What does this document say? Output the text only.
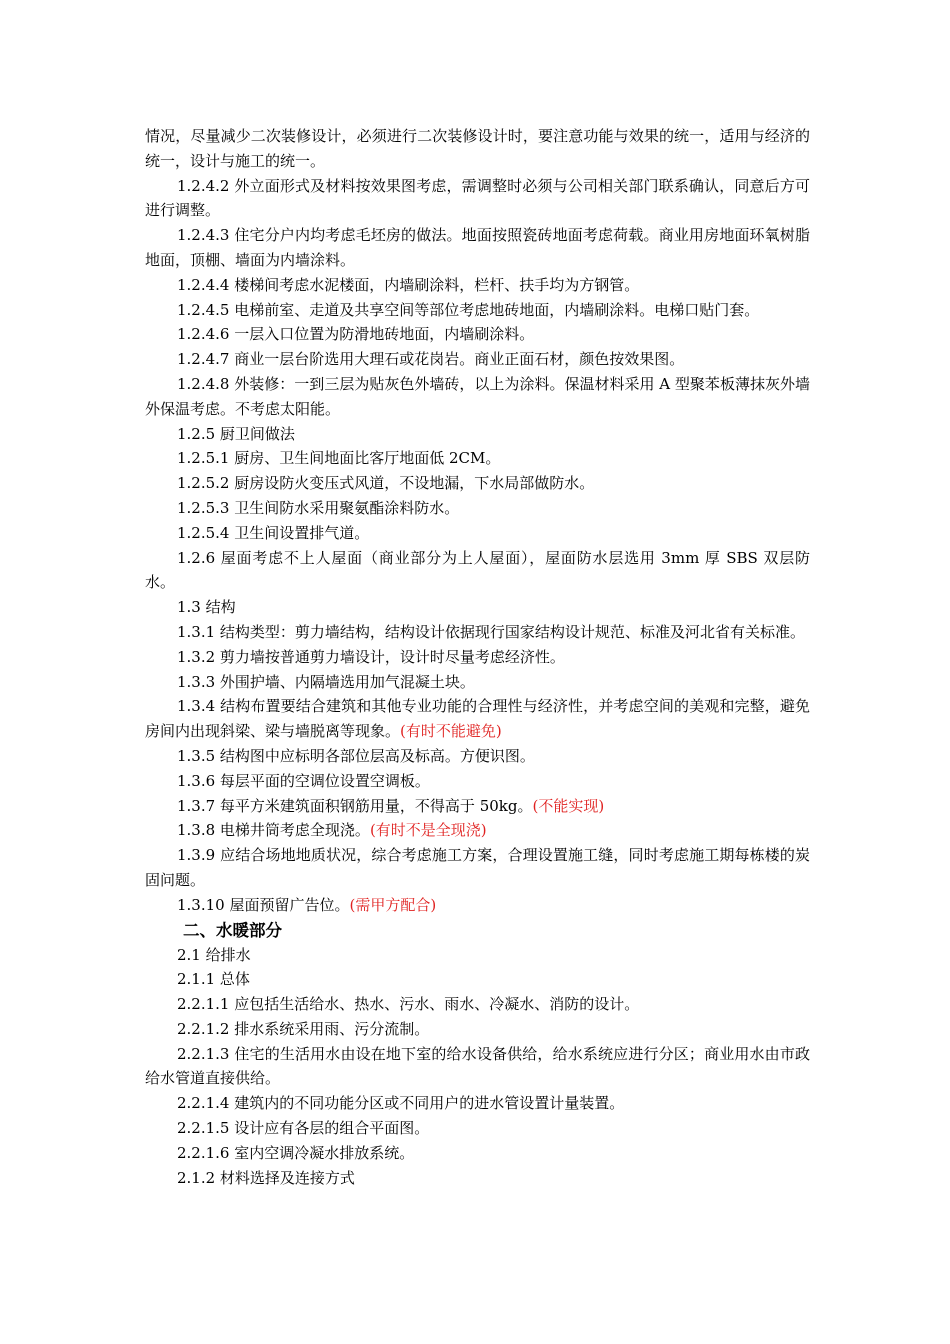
情况，尽量减少二次装修设计，必须进行二次装修设计时，要注意功能与效果的统一，适用与经济的统一，设计与施工的统一。

1.2.4.2 外立面形式及材料按效果图考虑，需调整时必须与公司相关部门联系确认，同意后方可进行调整。

1.2.4.3 住宅分户内均考虑毛坯房的做法。地面按照瓷砖地面考虑荷载。商业用房地面环氧树脂地面，顶棚、墙面为内墙涂料。

1.2.4.4 楼梯间考虑水泥楼面，内墙刷涂料，栏杆、扶手均为方钢管。

1.2.4.5 电梯前室、走道及共享空间等部位考虑地砖地面，内墙刷涂料。电梯口贴门套。

1.2.4.6 一层入口位置为防滑地砖地面，内墙刷涂料。

1.2.4.7 商业一层台阶选用大理石或花岗岩。商业正面石材，颜色按效果图。

1.2.4.8 外装修：一到三层为贴灰色外墙砖，以上为涂料。保温材料采用 A 型聚苯板薄抹灰外墙外保温考虑。不考虑太阳能。

1.2.5 厨卫间做法

1.2.5.1 厨房、卫生间地面比客厅地面低 2CM。

1.2.5.2 厨房设防火变压式风道，不设地漏，下水局部做防水。

1.2.5.3 卫生间防水采用聚氨酯涂料防水。

1.2.5.4 卫生间设置排气道。

1.2.6 屋面考虑不上人屋面（商业部分为上人屋面），屋面防水层选用 3mm 厚 SBS 双层防水。

1.3 结构

1.3.1 结构类型：剪力墙结构，结构设计依据现行国家结构设计规范、标准及河北省有关标准。

1.3.2 剪力墙按普通剪力墙设计，设计时尽量考虑经济性。

1.3.3 外围护墙、内隔墙选用加气混凝土块。

1.3.4 结构布置要结合建筑和其他专业功能的合理性与经济性，并考虑空间的美观和完整，避免房间内出现斜梁、梁与墙脱离等现象。(有时不能避免)

1.3.5 结构图中应标明各部位层高及标高。方便识图。

1.3.6 每层平面的空调位设置空调板。

1.3.7 每平方米建筑面积钢筋用量，不得高于 50kg。(不能实现)

1.3.8 电梯井筒考虑全现浇。(有时不是全现浇)

1.3.9 应结合场地地质状况，综合考虑施工方案，合理设置施工缝，同时考虑施工期每栋楼的炭固问题。

1.3.10 屋面预留广告位。(需甲方配合)

二、水暖部分

2.1 给排水

2.1.1 总体

2.2.1.1 应包括生活给水、热水、污水、雨水、冷凝水、消防的设计。

2.2.1.2 排水系统采用雨、污分流制。

2.2.1.3 住宅的生活用水由设在地下室的给水设备供给，给水系统应进行分区；商业用水由市政给水管道直接供给。

2.2.1.4 建筑内的不同功能分区或不同用户的进水管设置计量装置。

2.2.1.5 设计应有各层的组合平面图。

2.2.1.6 室内空调冷凝水排放系统。

2.1.2 材料选择及连接方式
